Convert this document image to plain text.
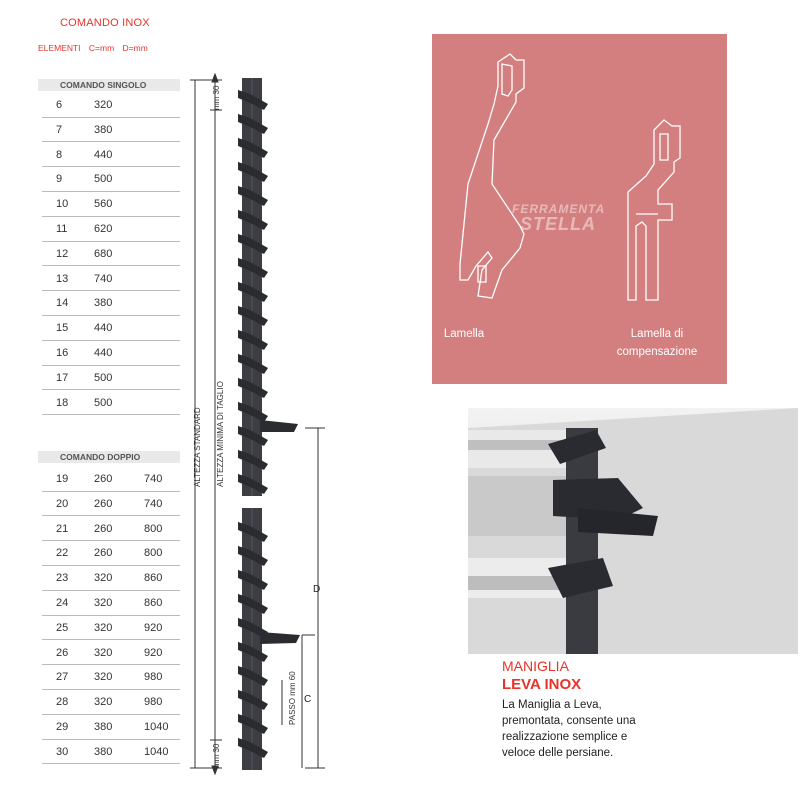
COMANDO INOX
ELEMENTI C=mm D=mm
COMANDO SINGOLO
6	320
7	380
8	440
9	500
10 560
11 620
12 680
13 740
14 380
15 440
16 440
17 500
18 500
COMANDO DOPPIO
19 260	740
20 260	740
21 260	800
22 260	800
23 320	860
24 320	860
25 320	920
26 320	920
27 320	980
28 320	980
29 380	1040
30 380	1040
ALTEZZA STANDARD ALTEZZA MINIMA DI TAGLIO
mm 30
mm 30
PASSO mm 60
D
C
FERRAMENTA
STELLA
Lamella	Lamella di
compensazione
MANIGLIA
LEVA INOX
La Maniglia a Leva,
premontata, consente una
realizzazione semplice e
veloce delle persiane.
